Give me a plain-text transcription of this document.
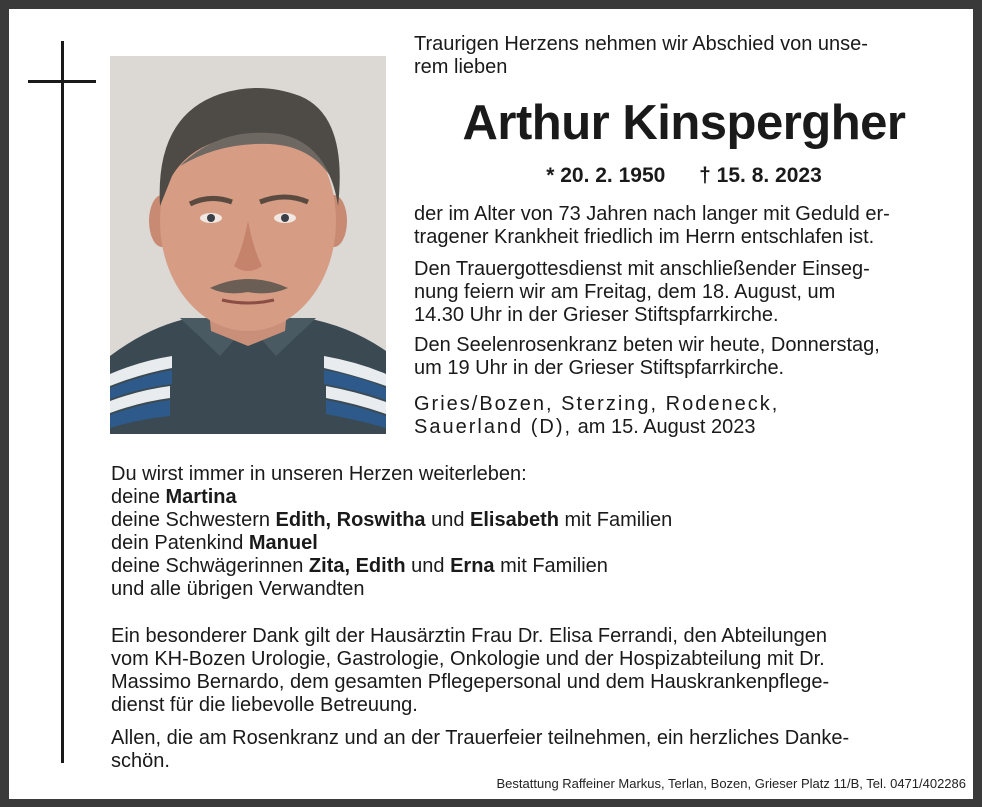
Traurigen Herzens nehmen wir Abschied von unse-
rem lieben
Arthur Kinspergher
* 20. 2. 1950 † 15. 8. 2023
der im Alter von 73 Jahren nach langer mit Geduld er-
tragener Krankheit friedlich im Herrn entschlafen ist.
Den Trauergottesdienst mit anschließender Einseg-
nung feiern wir am Freitag, dem 18. August, um
14.30 Uhr in der Grieser Stiftspfarrkirche.
Den Seelenrosenkranz beten wir heute, Donnerstag,
um 19 Uhr in der Grieser Stiftspfarrkirche.
Gries/Bozen, Sterzing, Rodeneck,
Sauerland (D), am 15. August 2023
Du wirst immer in unseren Herzen weiterleben:
deine Martina
deine Schwestern Edith, Roswitha und Elisabeth mit Familien
dein Patenkind Manuel
deine Schwägerinnen Zita, Edith und Erna mit Familien
und alle übrigen Verwandten
Ein besonderer Dank gilt der Hausärztin Frau Dr. Elisa Ferrandi, den Abteilungen
vom KH-Bozen Urologie, Gastrologie, Onkologie und der Hospizabteilung mit Dr.
Massimo Bernardo, dem gesamten Pflegepersonal und dem Hauskrankenpflege-
dienst für die liebevolle Betreuung.
Allen, die am Rosenkranz und an der Trauerfeier teilnehmen, ein herzliches Danke-
schön.
Bestattung Raffeiner Markus, Terlan, Bozen, Grieser Platz 11/B, Tel. 0471/402286
